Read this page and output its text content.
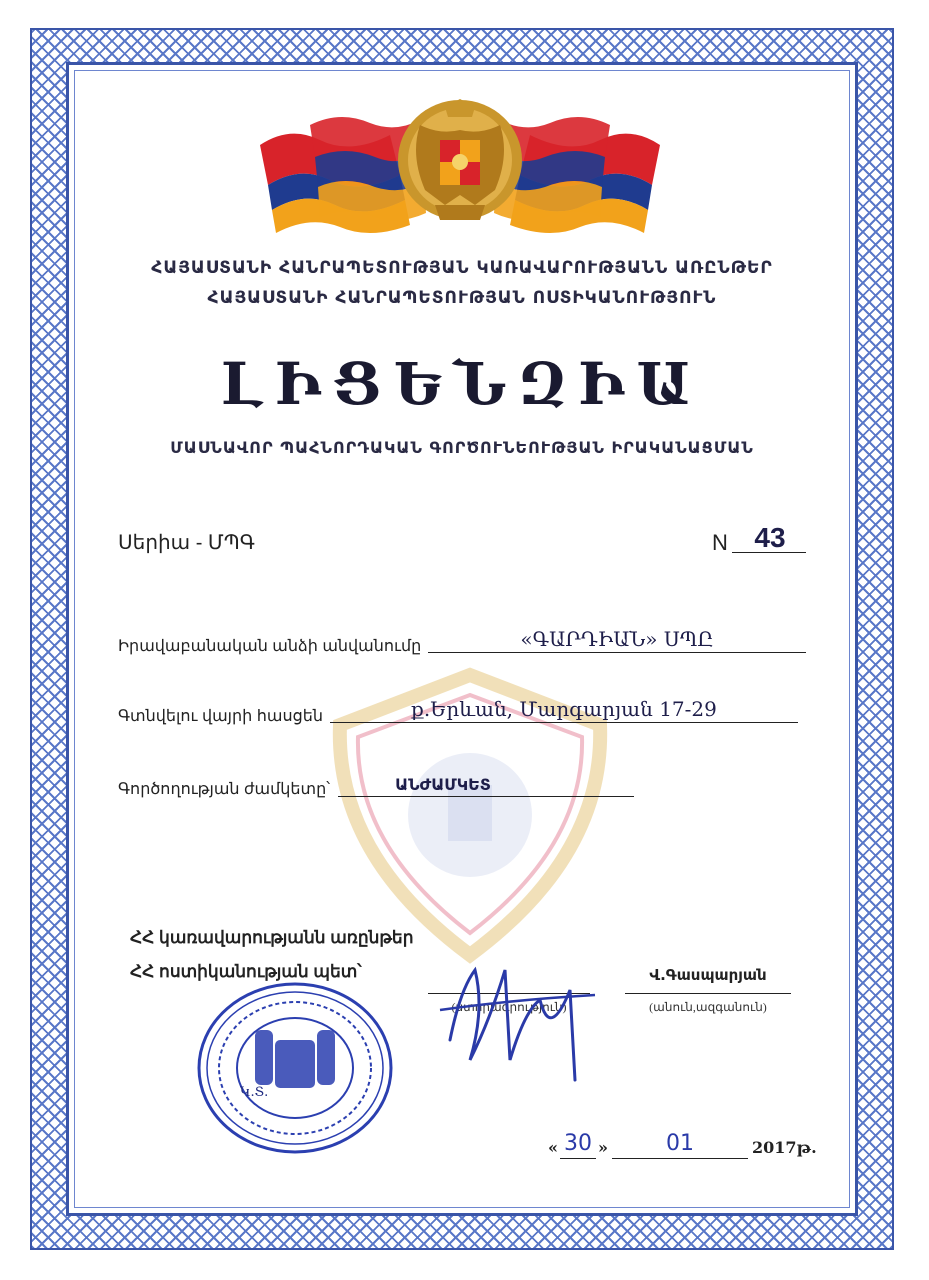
ՀԱՅԱՍՏԱՆԻ ՀԱՆՐԱՊԵՏՈՒԹՅԱՆ ԿԱՌԱՎԱՐՈՒԹՅԱՆՆ ԱՌԸՆԹԵՐ
ՀԱՅԱՍՏԱՆԻ ՀԱՆՐԱՊԵՏՈՒԹՅԱՆ ՈՍՏԻԿԱՆՈՒԹՅՈՒՆ
ԼԻՑԵՆԶԻԱ
ՄԱՍՆԱՎՈՐ ՊԱՀՆՈՐԴԱԿԱՆ ԳՈՐԾՈՒՆԵՈՒԹՅԱՆ ԻՐԱԿԱՆԱՑՄԱՆ
Սերիա - ՄՊԳ	N 43
Իրավաբանական անձի անվանումը	«ԳԱՐԴԻԱՆ» ՍՊԸ
Գտնվելու վայրի հասցեն	ք.Երևան, Մարգարյան 17-29
Գործողության ժամկետը՝	ԱՆԺԱՄԿԵՏ
ՀՀ կառավարությանն առընթեր
ՀՀ ոստիկանության պետ՝
(ստորագրություն)
Վ.Գասպարյան
(անուն,ազգանուն)
Կ.Տ.
« 30 »	01	2017թ.
